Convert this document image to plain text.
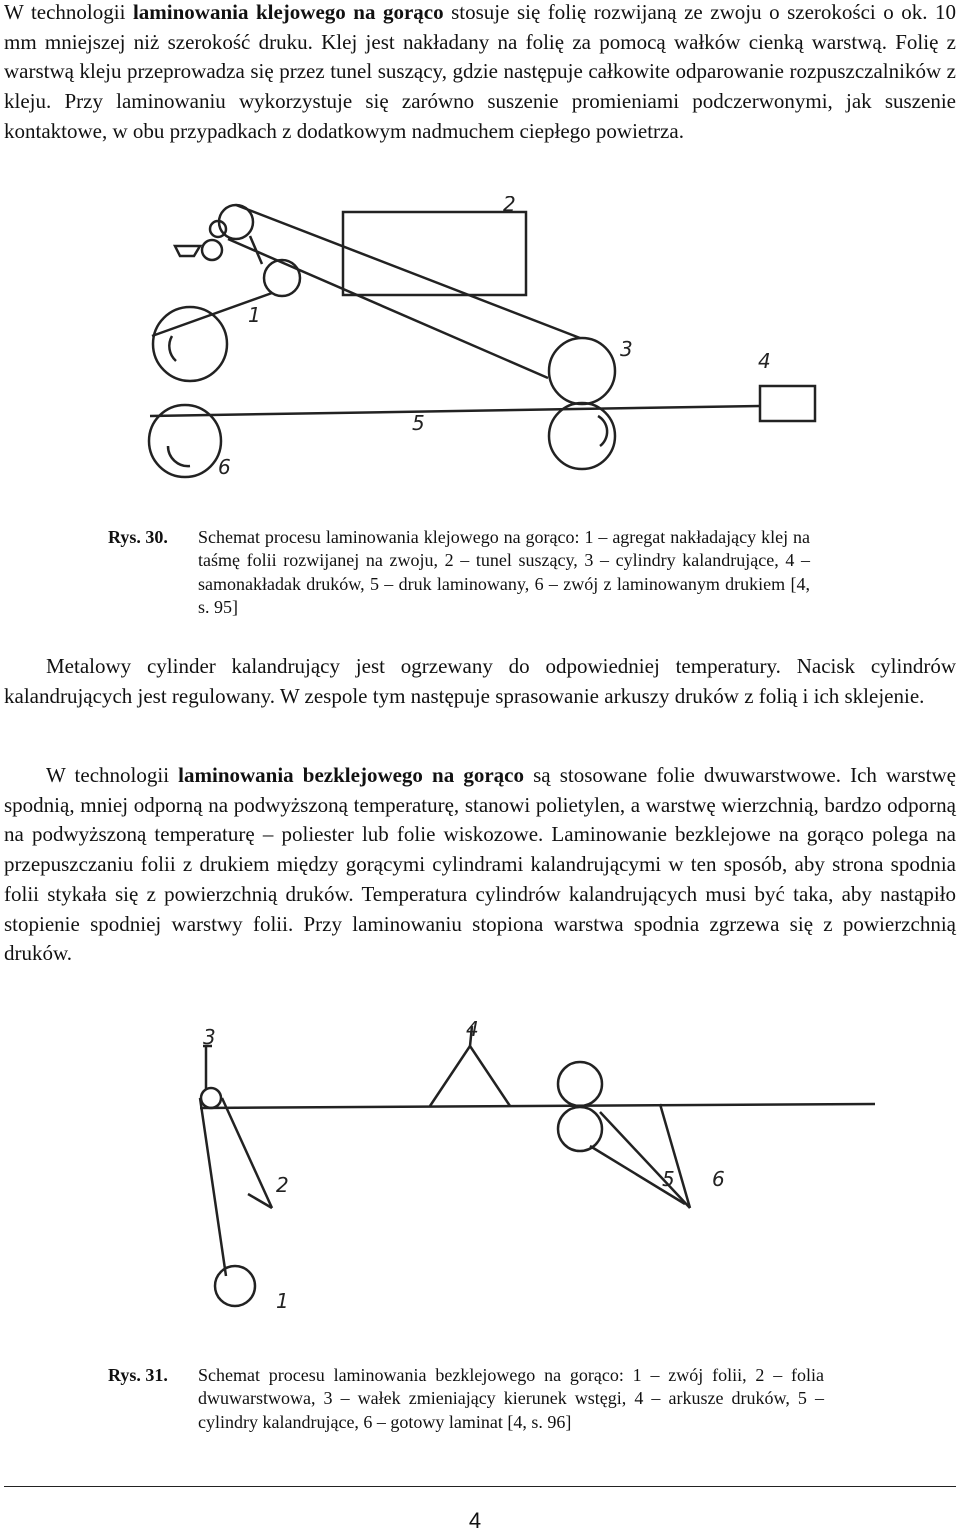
W technologii laminowania klejowego na gorąco stosuje się folię rozwijaną ze zwoju o szerokości o ok. 10 mm mniejszej niż szerokość druku. Klej jest nakładany na folię za pomocą wałków cienką warstwą. Folię z warstwą kleju przeprowadza się przez tunel suszący, gdzie następuje całkowite odparowanie rozpuszczalników z kleju. Przy laminowaniu wykorzystuje się zarówno suszenie promieniami podczerwonymi, jak suszenie kontaktowe, w obu przypadkach z dodatkowym nadmuchem ciepłego powietrza.

1
2
3	4
5
6
Rys. 30. Schemat procesu laminowania klejowego na gorąco: 1 – agregat nakładający klej na taśmę folii rozwijanej na zwoju, 2 – tunel suszący, 3 – cylindry kalandrujące, 4 – samonakładak druków, 5 – druk laminowany, 6 – zwój z laminowanym drukiem [4, s. 95]

Metalowy cylinder kalandrujący jest ogrzewany do odpowiedniej temperatury. Nacisk cylindrów kalandrujących jest regulowany. W zespole tym następuje sprasowanie arkuszy druków z folią i ich sklejenie.

W technologii laminowania bezklejowego na gorąco są stosowane folie dwuwarstwowe. Ich warstwę spodnią, mniej odporną na podwyższoną temperaturę, stanowi polietylen, a warstwę wierzchnią, bardzo odporną na podwyższoną temperaturę – poliester lub folie wiskozowe. Laminowanie bezklejowe na gorąco polega na przepuszczaniu folii z drukiem między gorącymi cylindrami kalandrującymi w ten sposób, aby strona spodnia folii stykała się z powierzchnią druków. Temperatura cylindrów kalandrujących musi być taka, aby nastąpiło stopienie spodniej warstwy folii. Przy laminowaniu stopiona warstwa spodnia zgrzewa się z powierzchnią druków.

3	4
2	5 6
1
Rys. 31. Schemat procesu laminowania bezklejowego na gorąco: 1 – zwój folii, 2 – folia dwuwarstwowa, 3 – wałek zmieniający kierunek wstęgi, 4 – arkusze druków, 5 – cylindry kalandrujące, 6 – gotowy laminat [4, s. 96]
4
